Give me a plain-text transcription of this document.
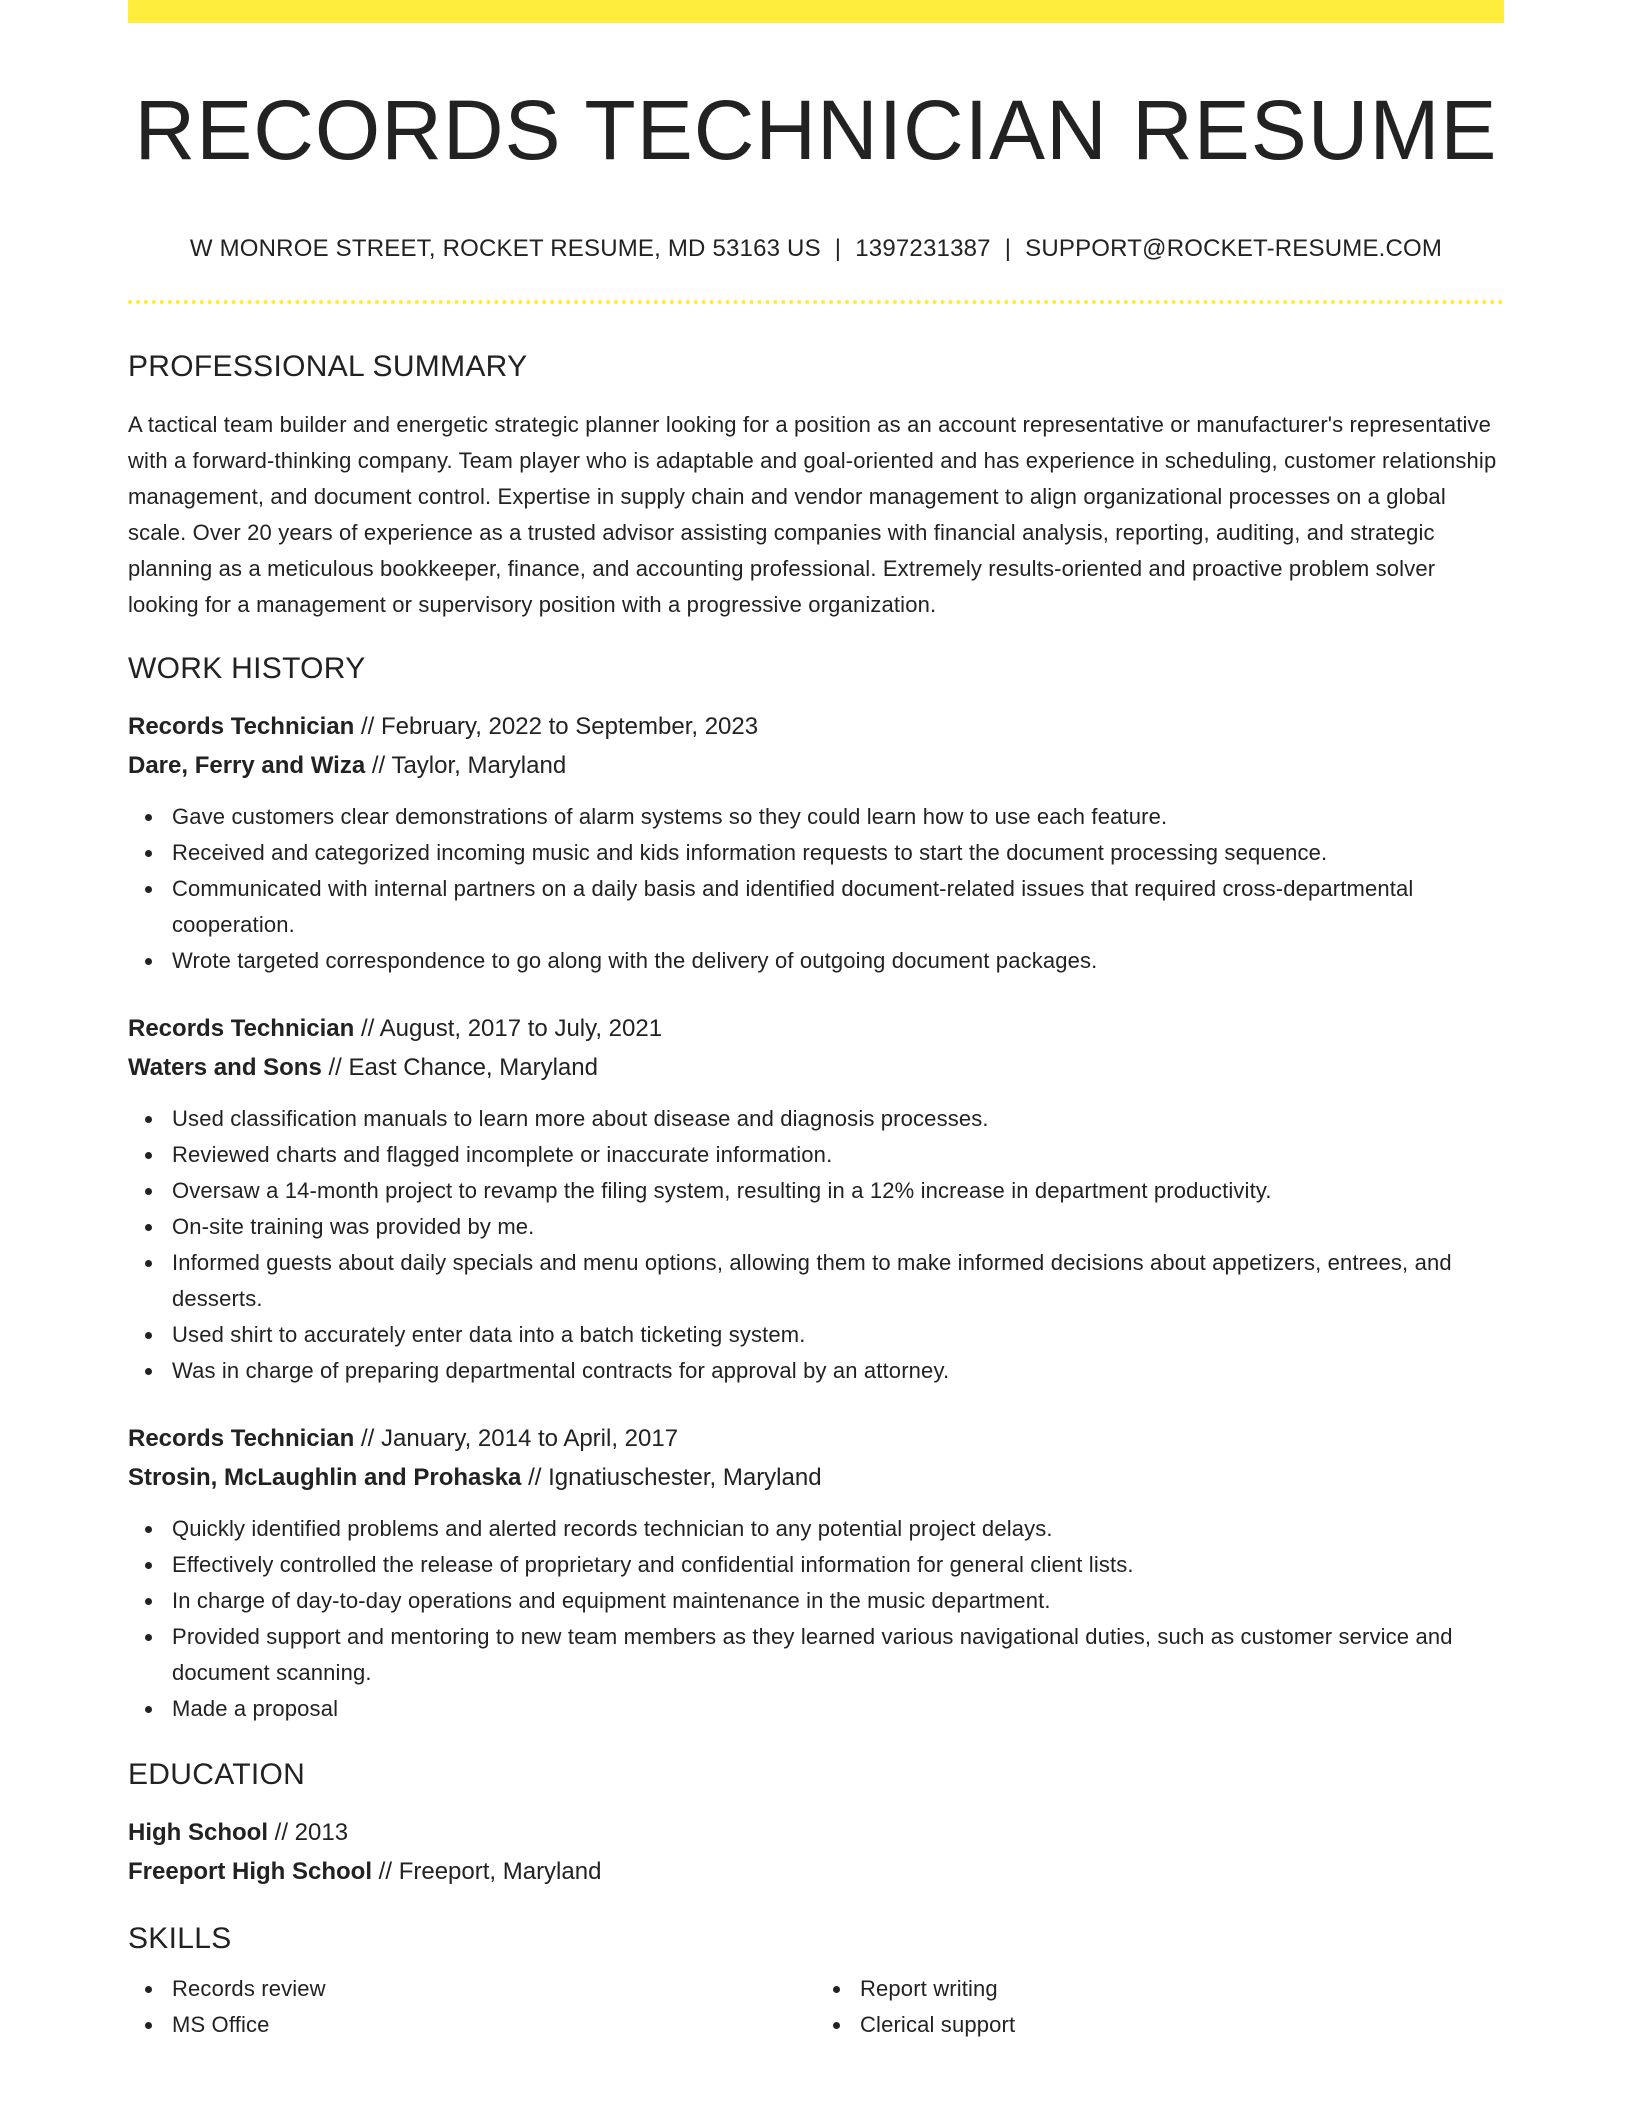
RECORDS TECHNICIAN RESUME
W MONROE STREET, ROCKET RESUME, MD 53163 US | 1397231387 | SUPPORT@ROCKET-RESUME.COM
PROFESSIONAL SUMMARY

A tactical team builder and energetic strategic planner looking for a position as an account representative or manufacturer's representative with a forward-thinking company. Team player who is adaptable and goal-oriented and has experience in scheduling, customer relationship management, and document control. Expertise in supply chain and vendor management to align organizational processes on a global scale. Over 20 years of experience as a trusted advisor assisting companies with financial analysis, reporting, auditing, and strategic planning as a meticulous bookkeeper, finance, and accounting professional. Extremely results-oriented and proactive problem solver looking for a management or supervisory position with a progressive organization.

WORK HISTORY
Records Technician // February, 2022 to September, 2023
Dare, Ferry and Wiza // Taylor, Maryland
Gave customers clear demonstrations of alarm systems so they could learn how to use each feature.
Received and categorized incoming music and kids information requests to start the document processing sequence.
Communicated with internal partners on a daily basis and identified document-related issues that required cross-departmental cooperation.
Wrote targeted correspondence to go along with the delivery of outgoing document packages.
Records Technician // August, 2017 to July, 2021
Waters and Sons // East Chance, Maryland
Used classification manuals to learn more about disease and diagnosis processes.
Reviewed charts and flagged incomplete or inaccurate information.
Oversaw a 14-month project to revamp the filing system, resulting in a 12% increase in department productivity.
On-site training was provided by me.
Informed guests about daily specials and menu options, allowing them to make informed decisions about appetizers, entrees, and desserts.
Used shirt to accurately enter data into a batch ticketing system.
Was in charge of preparing departmental contracts for approval by an attorney.
Records Technician // January, 2014 to April, 2017
Strosin, McLaughlin and Prohaska // Ignatiuschester, Maryland
Quickly identified problems and alerted records technician to any potential project delays.
Effectively controlled the release of proprietary and confidential information for general client lists.
In charge of day-to-day operations and equipment maintenance in the music department.
Provided support and mentoring to new team members as they learned various navigational duties, such as customer service and document scanning.
Made a proposal
EDUCATION
High School // 2013
Freeport High School // Freeport, Maryland
SKILLS
Records review
MS Office
Report writing
Clerical support
